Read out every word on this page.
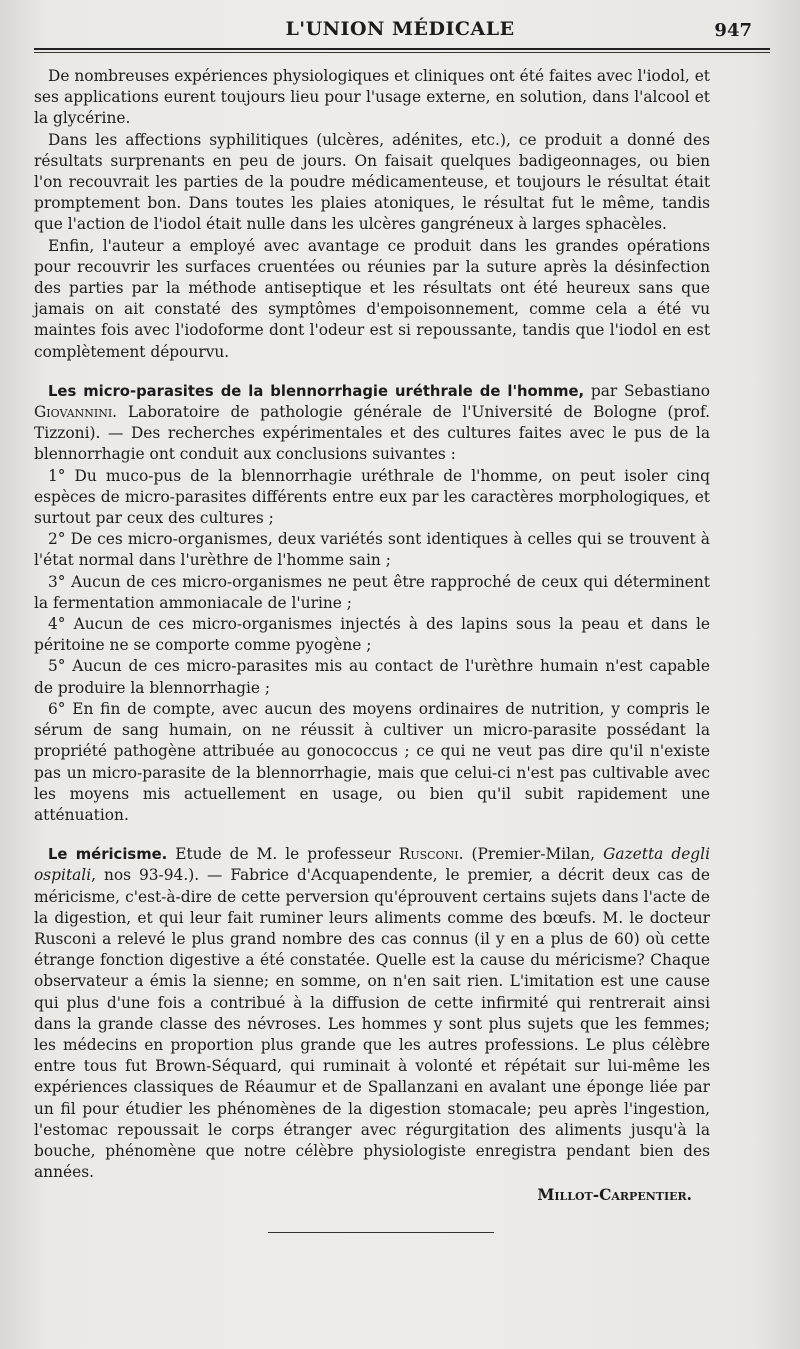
L'UNION MÉDICALE	947

De nombreuses expériences physiologiques et cliniques ont été faites avec l'iodol, et ses applications eurent toujours lieu pour l'usage externe, en solution, dans l'alcool et la glycérine.

Dans les affections syphilitiques (ulcères, adénites, etc.), ce produit a donné des résultats surprenants en peu de jours. On faisait quelques badigeonnages, ou bien l'on recouvrait les parties de la poudre médicamenteuse, et toujours le résultat était promptement bon. Dans toutes les plaies atoniques, le résultat fut le même, tandis que l'action de l'iodol était nulle dans les ulcères gangréneux à larges sphacèles.

Enfin, l'auteur a employé avec avantage ce produit dans les grandes opérations pour recouvrir les surfaces cruentées ou réunies par la suture après la désinfection des parties par la méthode antiseptique et les résultats ont été heureux sans que jamais on ait constaté des symptômes d'empoisonnement, comme cela a été vu maintes fois avec l'iodoforme dont l'odeur est si repoussante, tandis que l'iodol en est complètement dépourvu.

Les micro-parasites de la blennorrhagie uréthrale de l'homme, par Sebastiano Giovannini. Laboratoire de pathologie générale de l'Université de Bologne (prof. Tizzoni). — Des recherches expérimentales et des cultures faites avec le pus de la blennorrhagie ont conduit aux conclusions suivantes :

1° Du muco-pus de la blennorrhagie uréthrale de l'homme, on peut isoler cinq espèces de micro-parasites différents entre eux par les caractères morphologiques, et surtout par ceux des cultures ;

2° De ces micro-organismes, deux variétés sont identiques à celles qui se trouvent à l'état normal dans l'urèthre de l'homme sain ;

3° Aucun de ces micro-organismes ne peut être rapproché de ceux qui déterminent la fermentation ammoniacale de l'urine ;

4° Aucun de ces micro-organismes injectés à des lapins sous la peau et dans le péritoine ne se comporte comme pyogène ;

5° Aucun de ces micro-parasites mis au contact de l'urèthre humain n'est capable de produire la blennorrhagie ;

6° En fin de compte, avec aucun des moyens ordinaires de nutrition, y compris le sérum de sang humain, on ne réussit à cultiver un micro-parasite possédant la propriété pathogène attribuée au gonococcus ; ce qui ne veut pas dire qu'il n'existe pas un micro-parasite de la blennorrhagie, mais que celui-ci n'est pas cultivable avec les moyens mis actuellement en usage, ou bien qu'il subit rapidement une atténuation.

Le méricisme. Etude de M. le professeur Rusconi. (Premier-Milan, Gazetta degli ospitali, nos 93-94.). — Fabrice d'Acquapendente, le premier, a décrit deux cas de méricisme, c'est-à-dire de cette perversion qu'éprouvent certains sujets dans l'acte de la digestion, et qui leur fait ruminer leurs aliments comme des bœufs. M. le docteur Rusconi a relevé le plus grand nombre des cas connus (il y en a plus de 60) où cette étrange fonction digestive a été constatée. Quelle est la cause du méricisme? Chaque observateur a émis la sienne; en somme, on n'en sait rien. L'imitation est une cause qui plus d'une fois a contribué à la diffusion de cette infirmité qui rentrerait ainsi dans la grande classe des névroses. Les hommes y sont plus sujets que les femmes; les médecins en proportion plus grande que les autres professions. Le plus célèbre entre tous fut Brown-Séquard, qui ruminait à volonté et répétait sur lui-même les expériences classiques de Réaumur et de Spallanzani en avalant une éponge liée par un fil pour étudier les phénomènes de la digestion stomacale; peu après l'ingestion, l'estomac repoussait le corps étranger avec régurgitation des aliments jusqu'à la bouche, phénomène que notre célèbre physiologiste enregistra pendant bien des années.

Millot-Carpentier.
